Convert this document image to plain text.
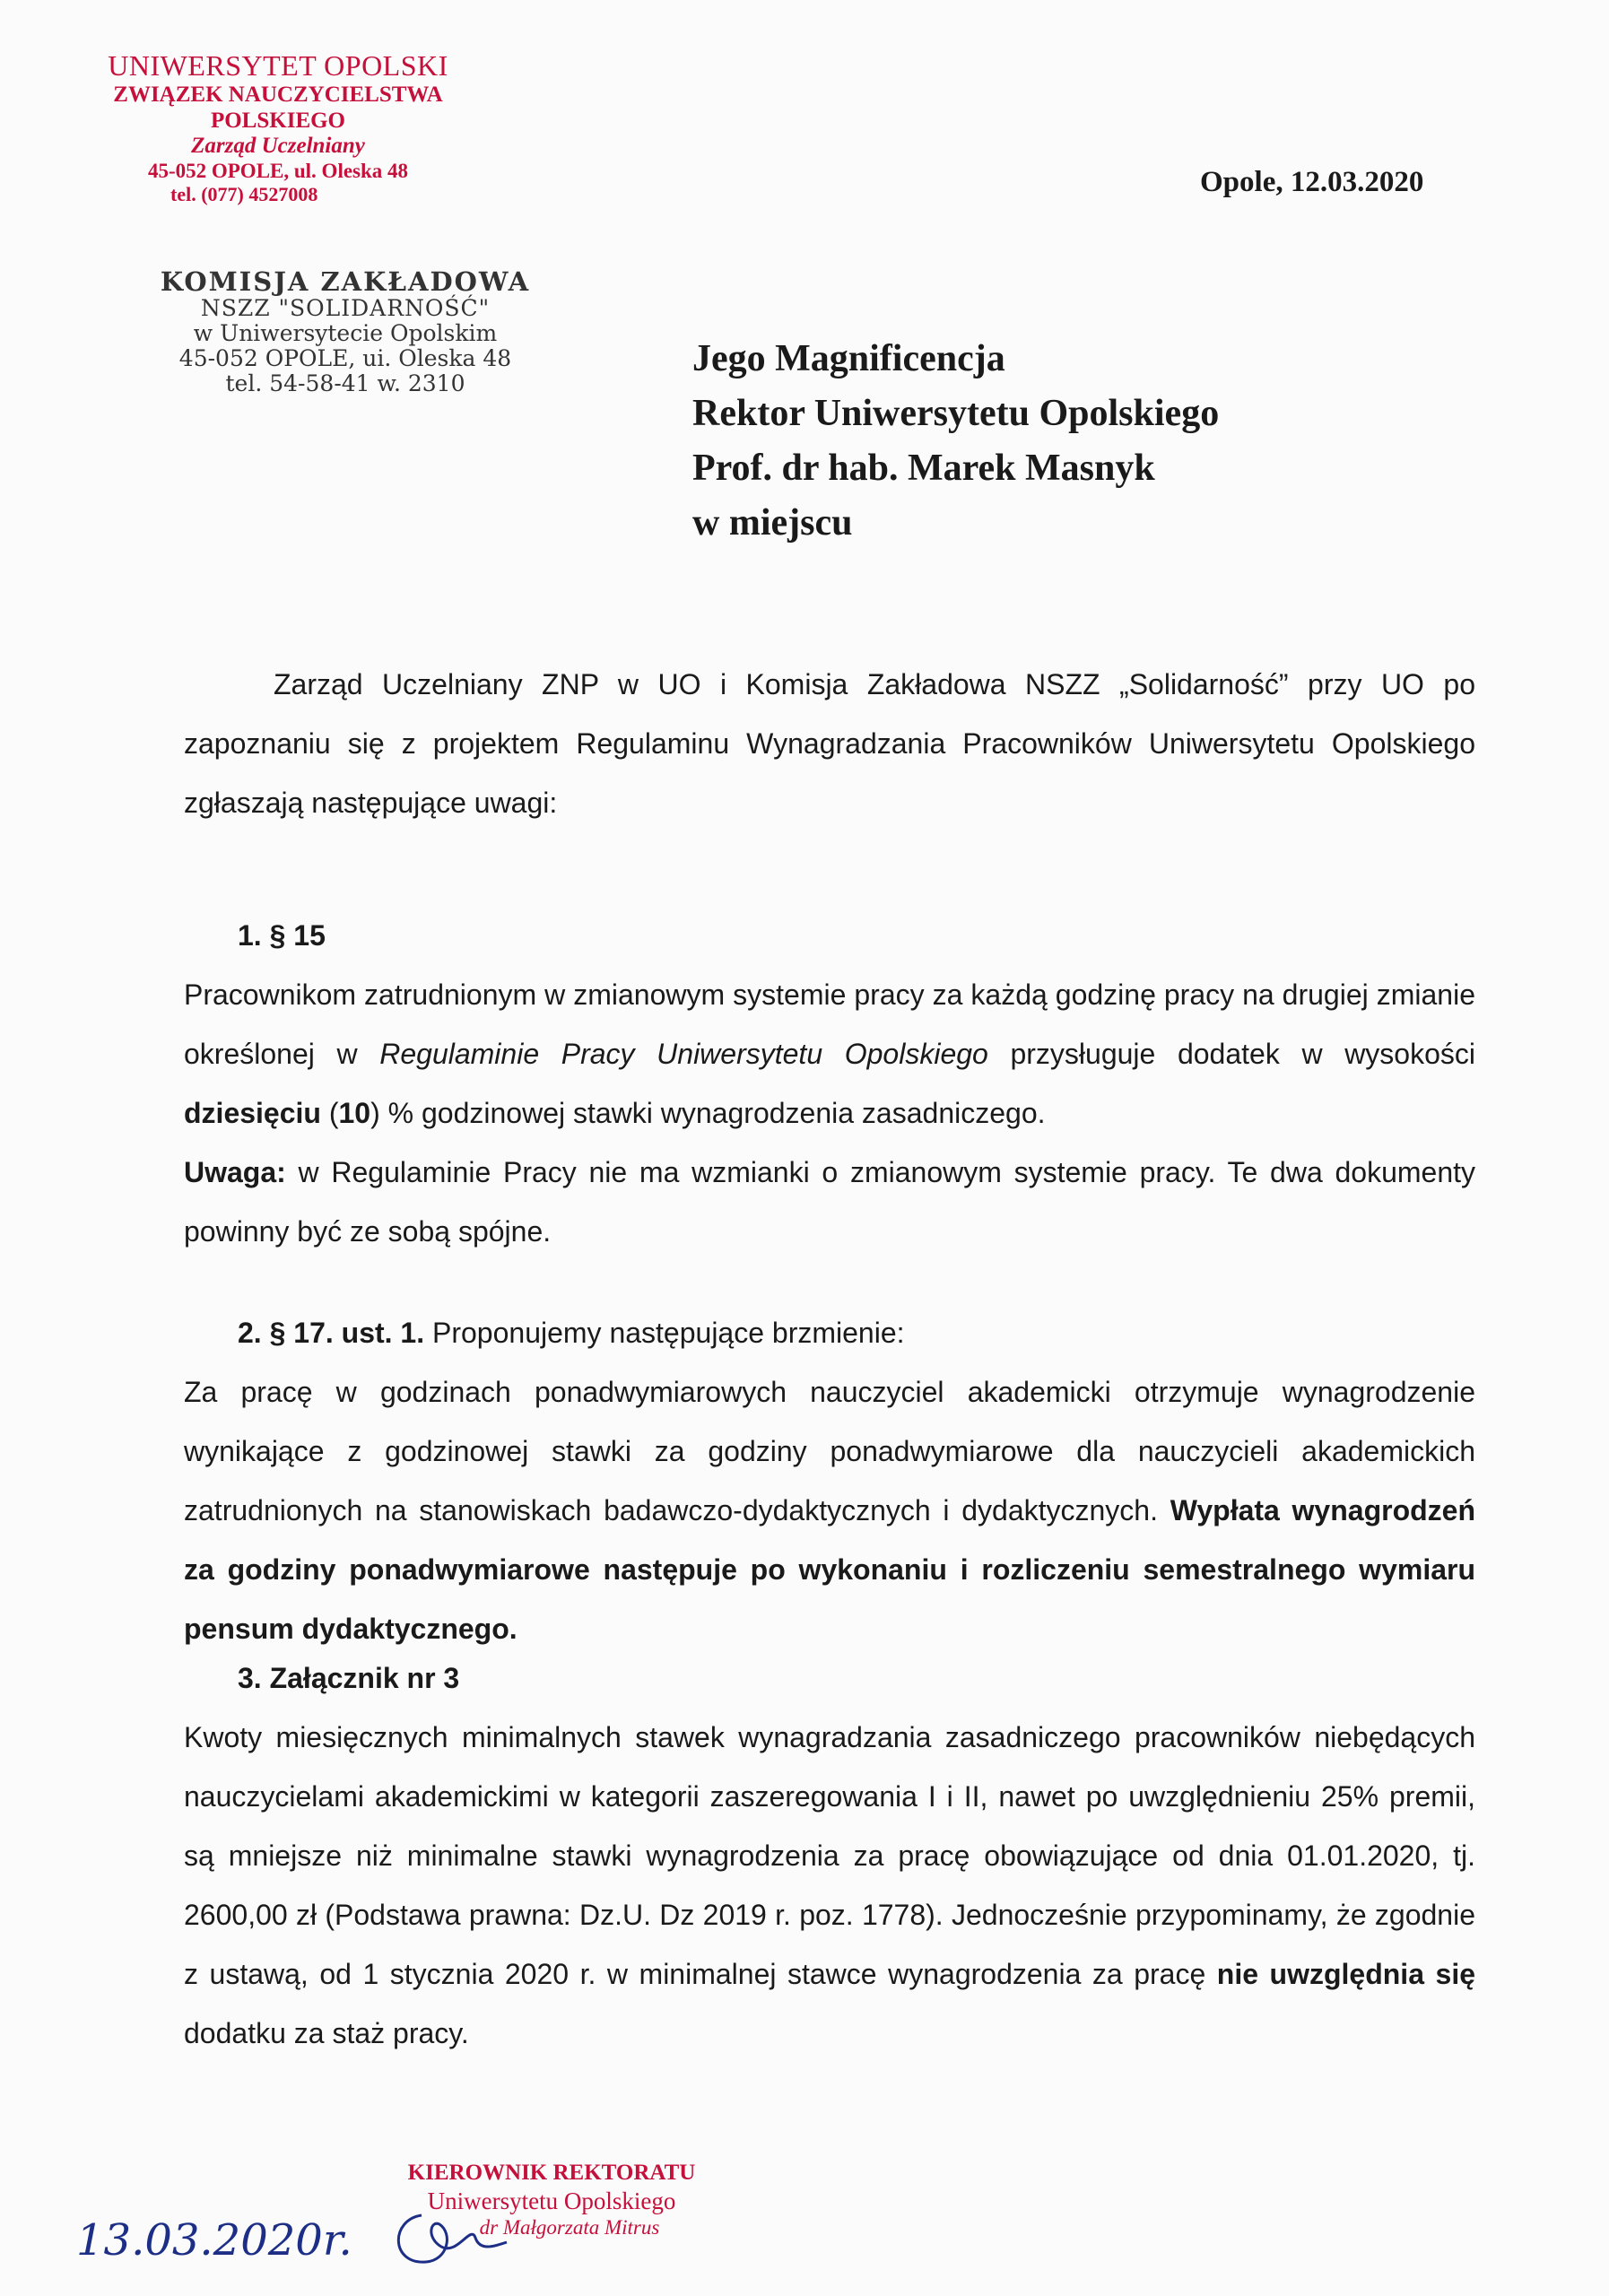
UNIWERSYTET OPOLSKI
ZWIĄZEK NAUCZYCIELSTWA POLSKIEGO
Zarząd Uczelniany
45-052 OPOLE, ul. Oleska 48
tel. (077) 4527008	Opole, 12.03.2020
KOMISJA ZAKŁADOWA
NSZZ "SOLIDARNOŚĆ"
w Uniwersytecie Opolskim
45-052 OPOLE, ui. Oleska 48
tel. 54-58-41 w. 2310
Jego Magnificencja
Rektor Uniwersytetu Opolskiego
Prof. dr hab. Marek Masnyk
w miejscu

Zarząd Uczelniany ZNP w UO i Komisja Zakładowa NSZZ „Solidarność” przy UO po zapoznaniu się z projektem Regulaminu Wynagradzania Pracowników Uniwersytetu Opolskiego zgłaszają następujące uwagi:

1. § 15
Pracownikom zatrudnionym w zmianowym systemie pracy za każdą godzinę pracy na drugiej zmianie określonej w Regulaminie Pracy Uniwersytetu Opolskiego przysługuje dodatek w wysokości dziesięciu (10) % godzinowej stawki wynagrodzenia zasadniczego.
Uwaga: w Regulaminie Pracy nie ma wzmianki o zmianowym systemie pracy. Te dwa dokumenty powinny być ze sobą spójne.
2. § 17. ust. 1. Proponujemy następujące brzmienie:
Za pracę w godzinach ponadwymiarowych nauczyciel akademicki otrzymuje wynagrodzenie wynikające z godzinowej stawki za godziny ponadwymiarowe dla nauczycieli akademickich zatrudnionych na stanowiskach badawczo-dydaktycznych i dydaktycznych. Wypłata wynagrodzeń za godziny ponadwymiarowe następuje po wykonaniu i rozliczeniu semestralnego wymiaru pensum dydaktycznego.
3. Załącznik nr 3
Kwoty miesięcznych minimalnych stawek wynagradzania zasadniczego pracowników niebędących nauczycielami akademickimi w kategorii zaszeregowania I i II, nawet po uwzględnieniu 25% premii, są mniejsze niż minimalne stawki wynagrodzenia za pracę obowiązujące od dnia 01.01.2020, tj. 2600,00 zł (Podstawa prawna: Dz.U. Dz 2019 r. poz. 1778). Jednocześnie przypominamy, że zgodnie z ustawą, od 1 stycznia 2020 r. w minimalnej stawce wynagrodzenia za pracę nie uwzględnia się dodatku za staż pracy.
KIEROWNIK REKTORATU
Uniwersytetu Opolskiego
dr Małgorzata Mitrus
13.03.2020r.
